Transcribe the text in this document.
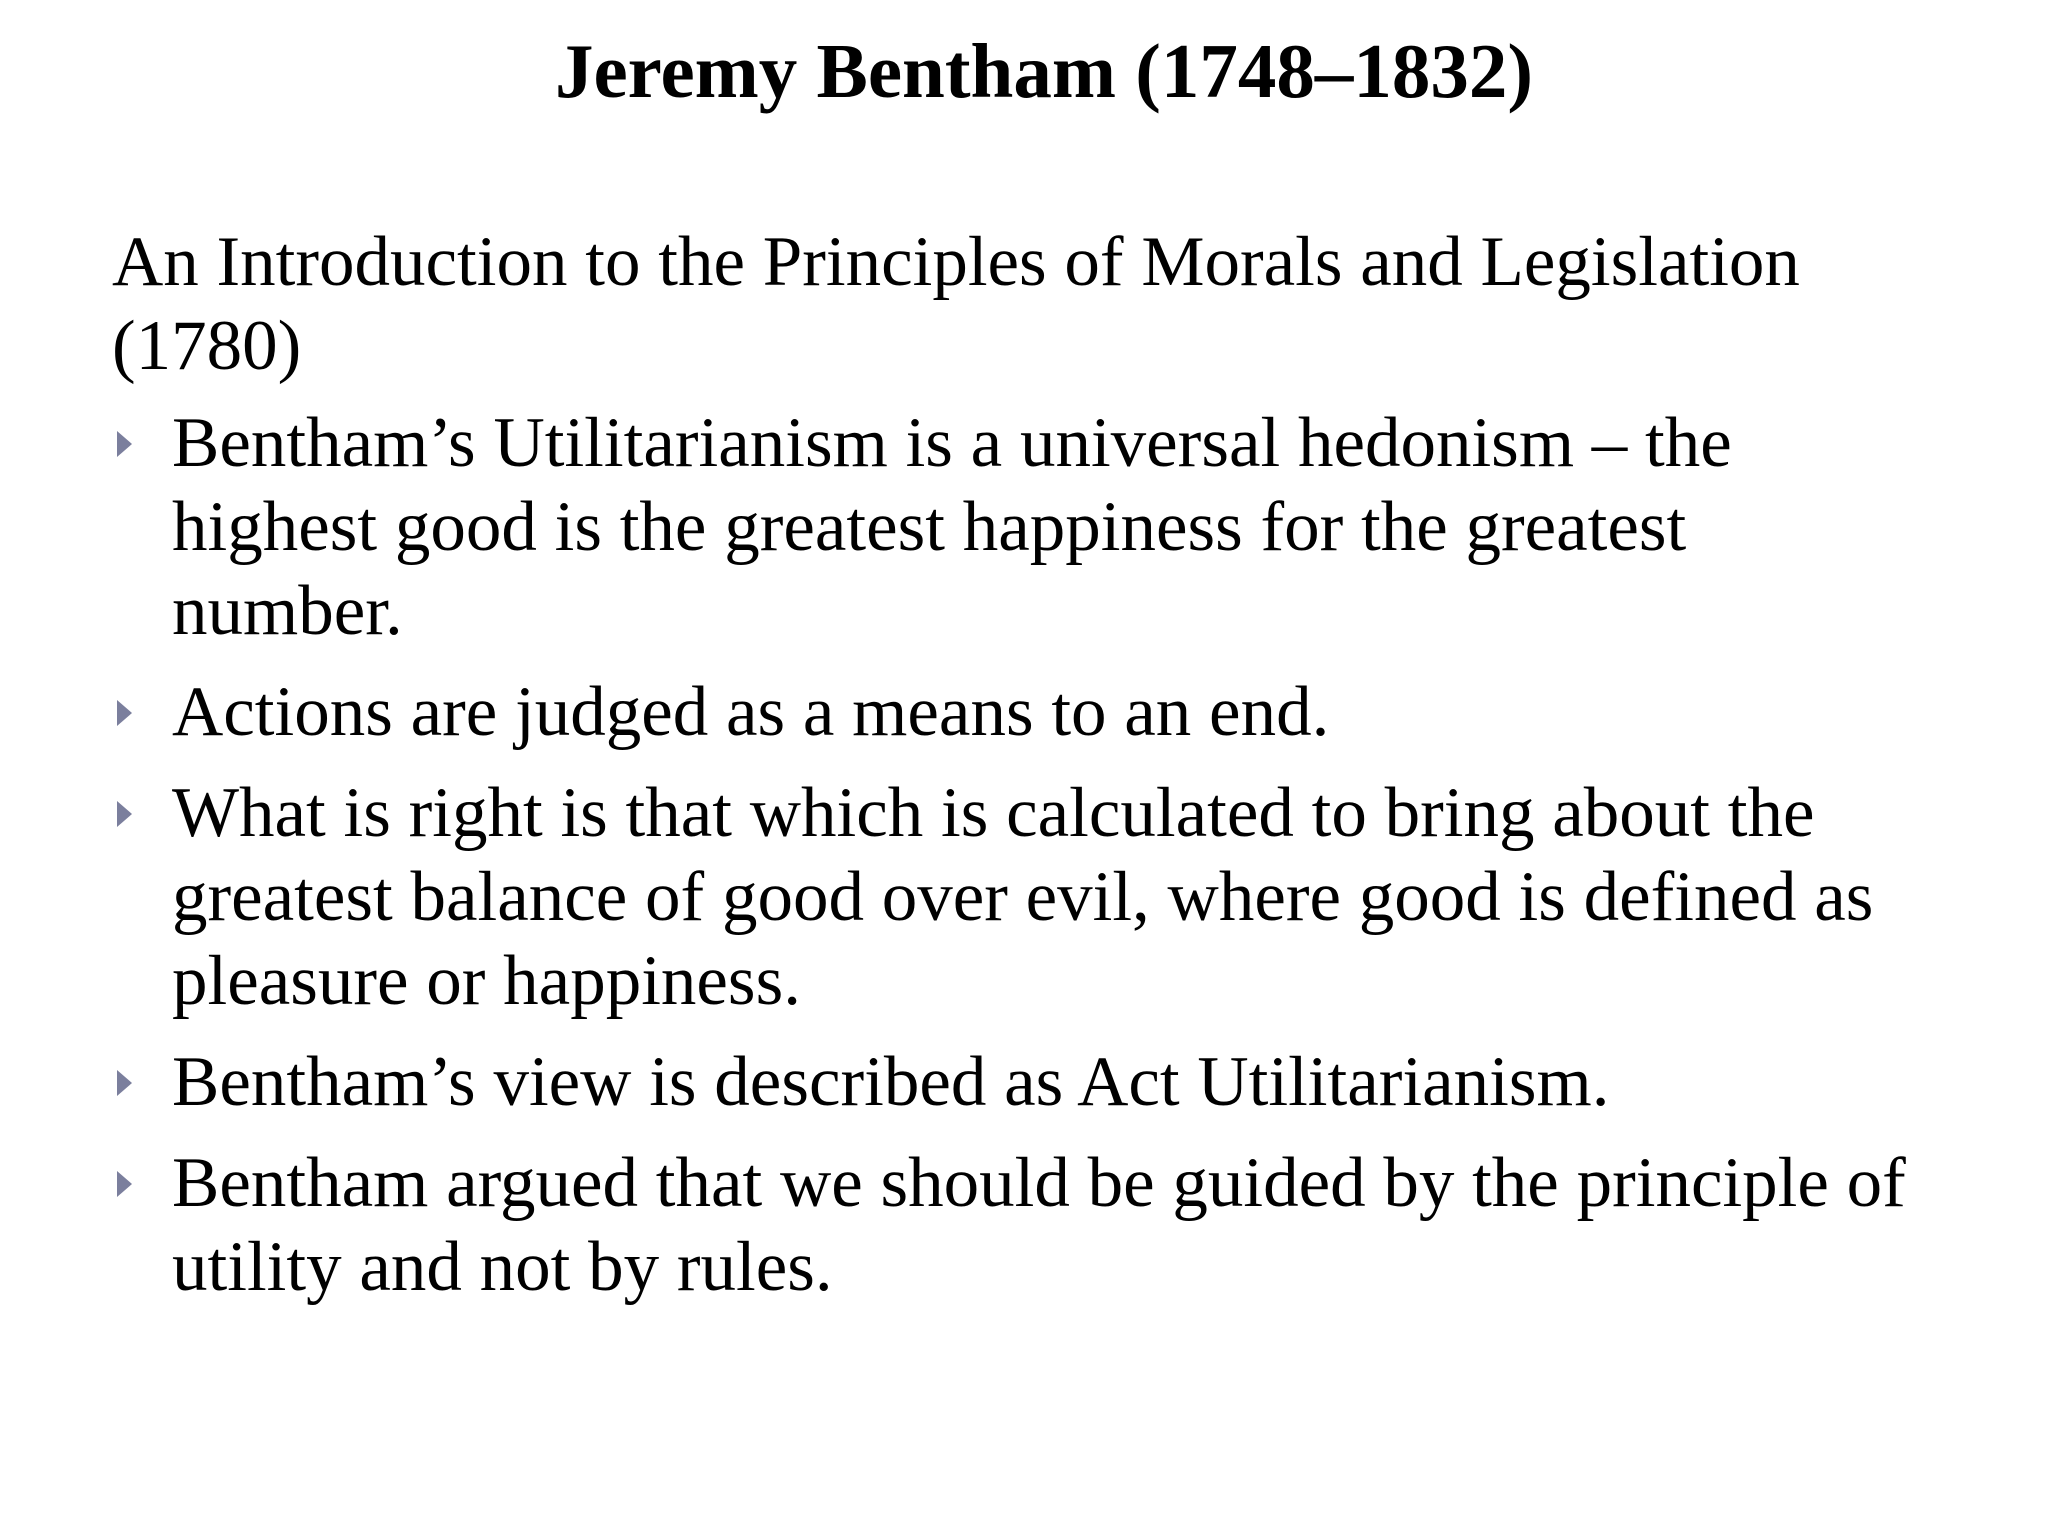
Jeremy Bentham (1748–1832)
An Introduction to the Principles of Morals and Legislation
(1780)
Bentham’s Utilitarianism is a universal hedonism – the
highest good is the greatest happiness for the greatest
number.
Actions are judged as a means to an end.
What is right is that which is calculated to bring about the
greatest balance of good over evil, where good is defined as
pleasure or happiness.
Bentham’s view is described as Act Utilitarianism.
Bentham argued that we should be guided by the principle of
utility and not by rules.
